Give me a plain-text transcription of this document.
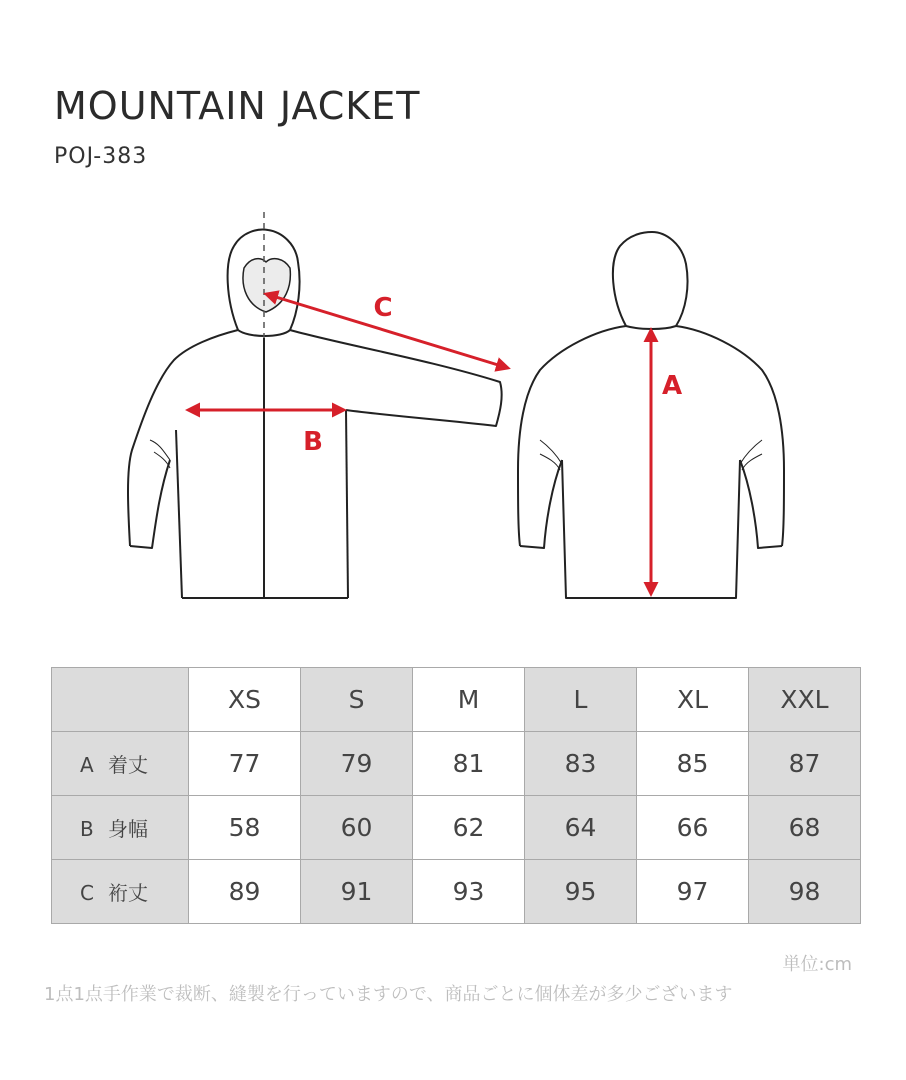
MOUNTAIN JACKET
POJ-383
C
B
A
	XS	S	M	L	XL	XXL
A 着丈	77	79	81	83	85	87
B 身幅	58	60	62	64	66	68
C 裄丈	89	91	93	95	97	98
単位:cm
1点1点手作業で裁断、縫製を行っていますので、商品ごとに個体差が多少ございます
